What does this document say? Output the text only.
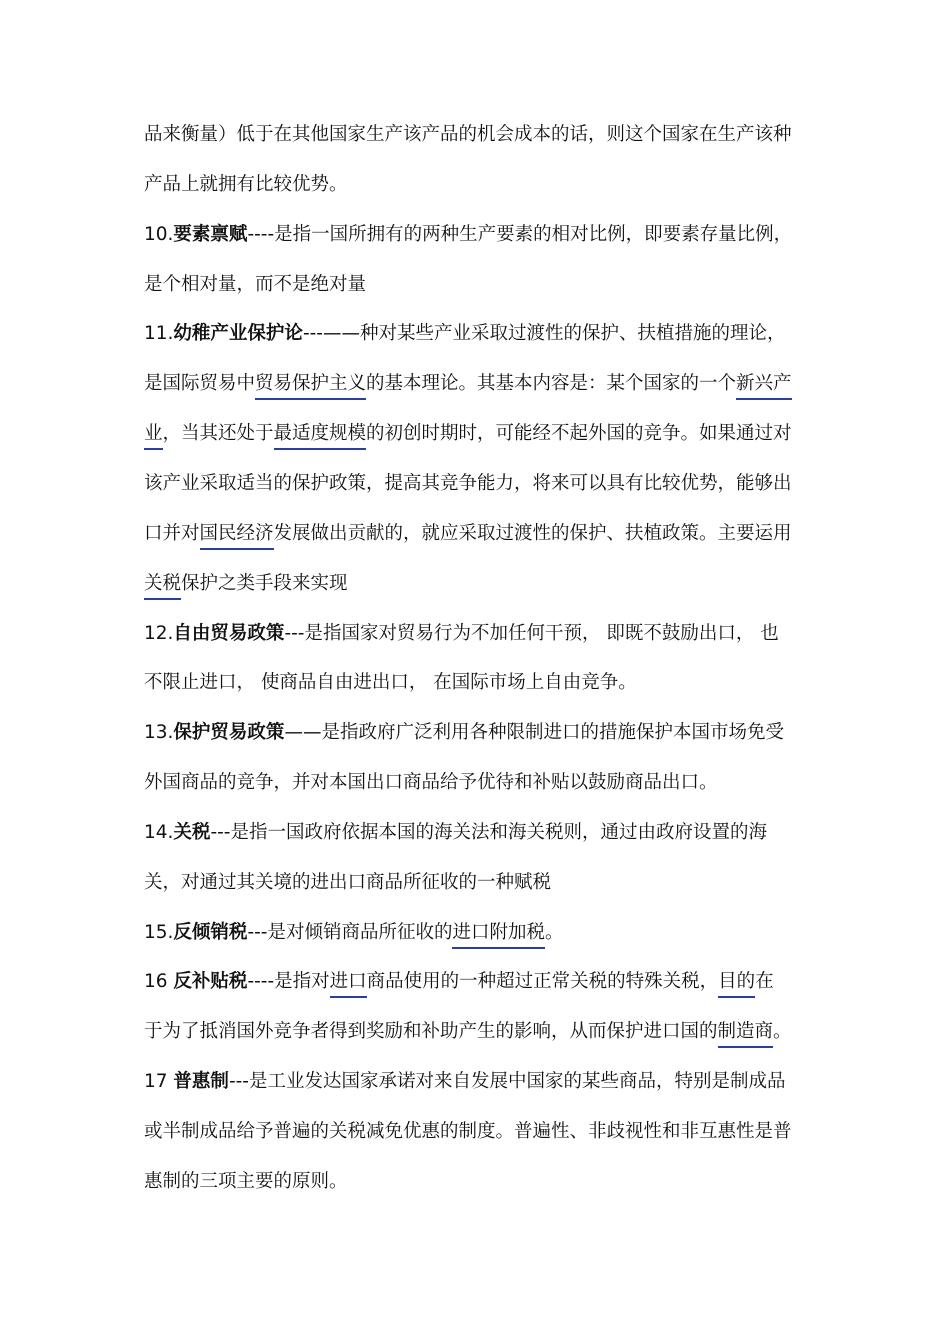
品来衡量）低于在其他国家生产该产品的机会成本的话，则这个国家在生产该种
产品上就拥有比较优势。
10.要素禀赋----是指一国所拥有的两种生产要素的相对比例，即要素存量比例，
是个相对量，而不是绝对量
11.幼稚产业保护论---——种对某些产业采取过渡性的保护、扶植措施的理论，
是国际贸易中贸易保护主义的基本理论。其基本内容是：某个国家的一个新兴产
业，当其还处于最适度规模的初创时期时，可能经不起外国的竞争。如果通过对
该产业采取适当的保护政策，提高其竞争能力，将来可以具有比较优势，能够出
口并对国民经济发展做出贡献的，就应采取过渡性的保护、扶植政策。主要运用
关税保护之类手段来实现
12.自由贸易政策---是指国家对贸易行为不加任何干预， 即既不鼓励出口， 也
不限止进口， 使商品自由进出口， 在国际市场上自由竞争。
13.保护贸易政策——是指政府广泛利用各种限制进口的措施保护本国市场免受
外国商品的竞争，并对本国出口商品给予优待和补贴以鼓励商品出口。
14.关税---是指一国政府依据本国的海关法和海关税则，通过由政府设置的海
关，对通过其关境的进出口商品所征收的一种赋税
15.反倾销税---是对倾销商品所征收的进口附加税。
16 反补贴税----是指对进口商品使用的一种超过正常关税的特殊关税，目的在
于为了抵消国外竞争者得到奖励和补助产生的影响，从而保护进口国的制造商。
17 普惠制---是工业发达国家承诺对来自发展中国家的某些商品，特别是制成品
或半制成品给予普遍的关税减免优惠的制度。普遍性、非歧视性和非互惠性是普
惠制的三项主要的原则。
